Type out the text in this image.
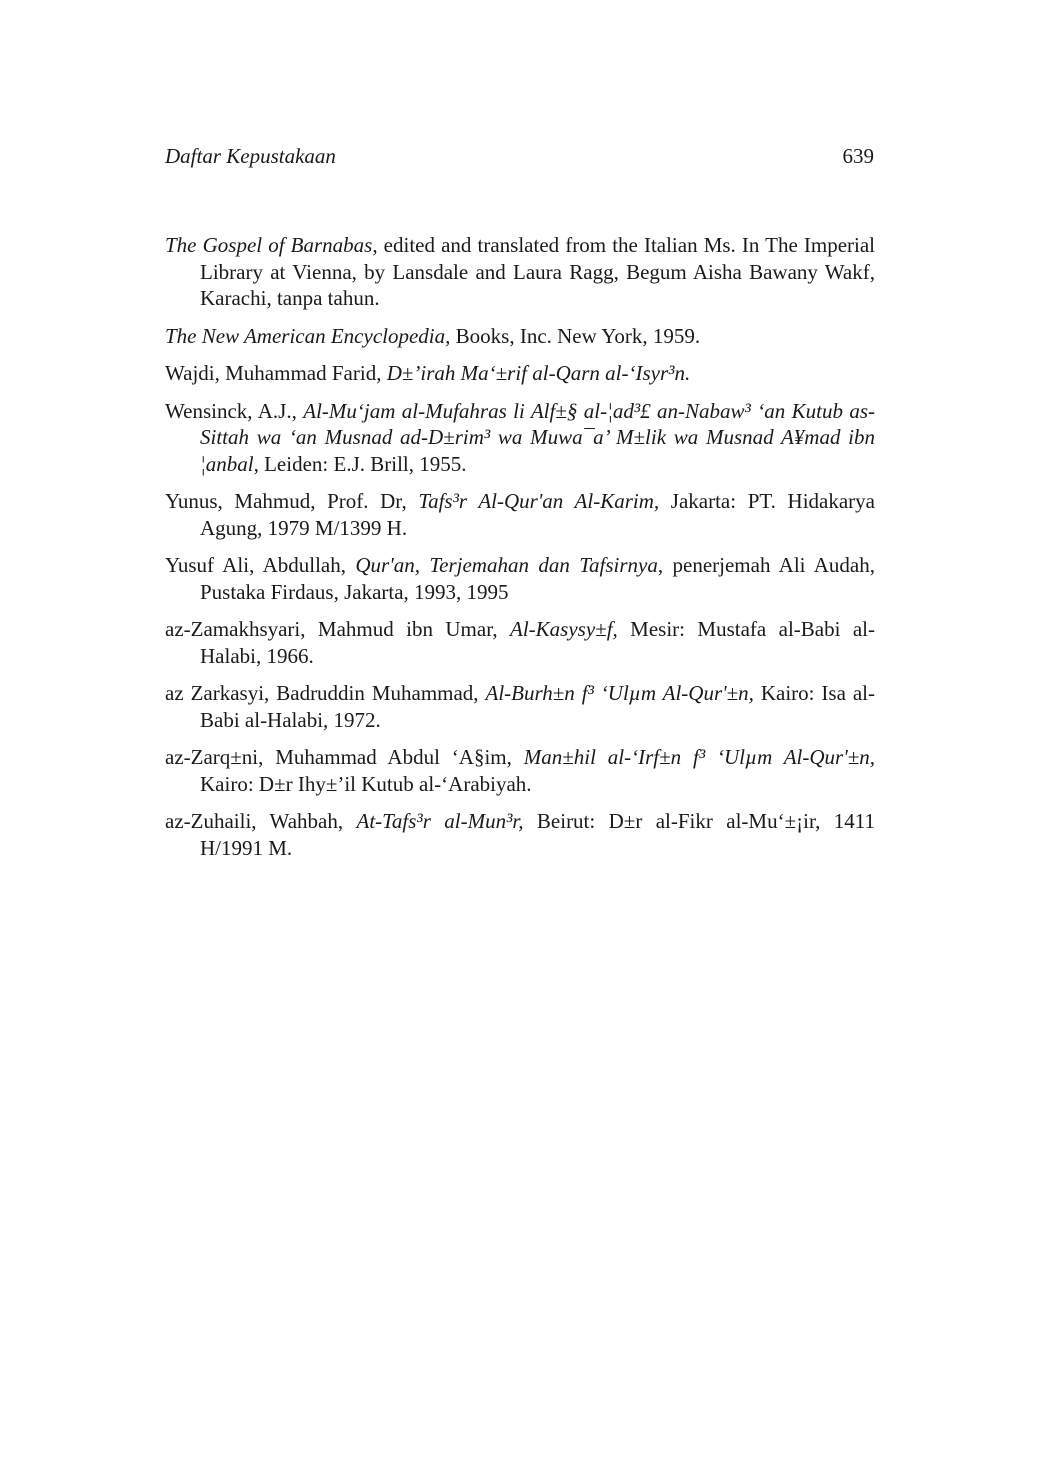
Daftar Kepustakaan	639
The Gospel of Barnabas, edited and translated from the Italian Ms. In The Imperial Library at Vienna, by Lansdale and Laura Ragg, Begum Aisha Bawany Wakf, Karachi, tanpa tahun.
The New American Encyclopedia, Books, Inc. New York, 1959.
Wajdi, Muhammad Farid, D±’irah Ma‘±rif al-Qarn al-‘Isyr³n.
Wensinck, A.J., Al-Mu‘jam al-Mufahras li Alf±§ al-¦ad³£ an-Nabaw³ ‘an Kutub as-Sittah wa ‘an Musnad ad-D±rim³ wa Muwa¯a’ M±lik wa Musnad A¥mad ibn ¦anbal, Leiden: E.J. Brill, 1955.
Yunus, Mahmud, Prof. Dr, Tafs³r Al-Qur'an Al-Karim, Jakarta: PT. Hidakarya Agung, 1979 M/1399 H.
Yusuf Ali, Abdullah, Qur'an, Terjemahan dan Tafsirnya, penerjemah Ali Audah, Pustaka Firdaus, Jakarta, 1993, 1995
az-Zamakhsyari, Mahmud ibn Umar, Al-Kasysy±f, Mesir: Mustafa al-Babi al-Halabi, 1966.
az Zarkasyi, Badruddin Muhammad, Al-Burh±n f³ ‘Ulµm Al-Qur'±n, Kairo: Isa al-Babi al-Halabi, 1972.
az-Zarq±ni, Muhammad Abdul ‘A§im, Man±hil al-‘Irf±n f³ ‘Ulµm Al-Qur'±n, Kairo: D±r Ihy±’il Kutub al-‘Arabiyah.
az-Zuhaili, Wahbah, At-Tafs³r al-Mun³r, Beirut: D±r al-Fikr al-Mu‘±¡ir, 1411 H/1991 M.
